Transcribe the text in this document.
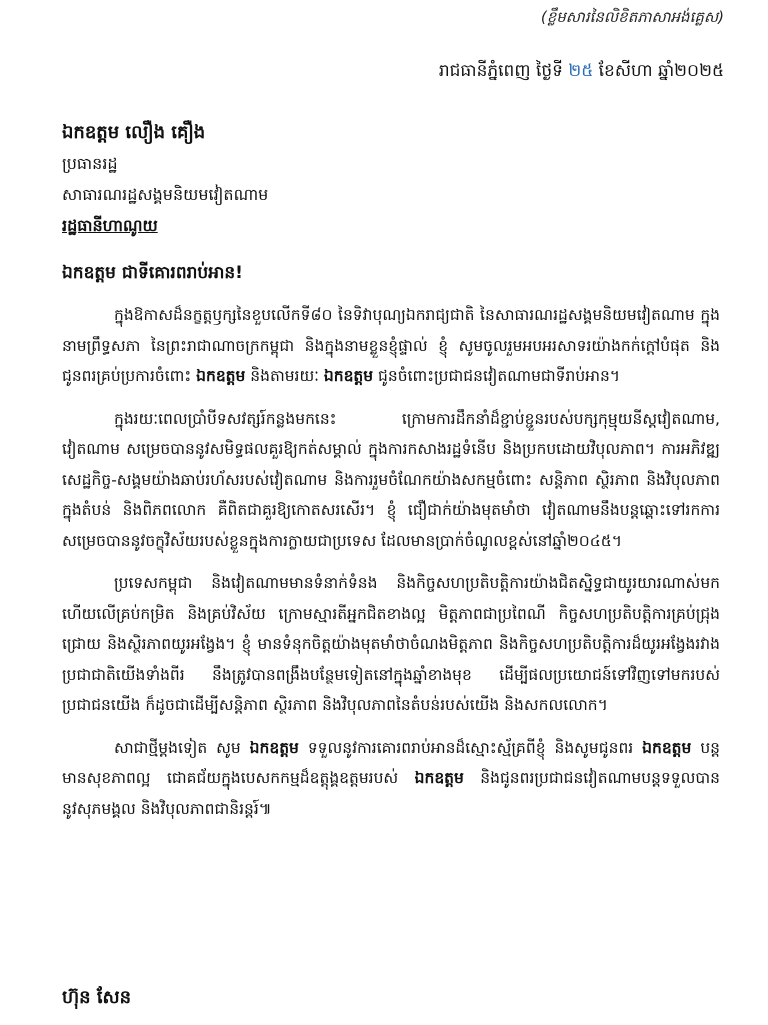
(ខ្លឹមសារនៃលិខិតភាសាអង់គ្លេស)
រាជធានីភ្នំពេញ ថ្ងៃទី ២៥ ខែសីហា ឆ្នាំ២០២៥
ឯកឧត្តម លឿង គឿង
ប្រធានរដ្ឋ
សាធារណរដ្ឋសង្គមនិយមវៀតណាម
រដ្ឋធានីហាណូយ
ឯកឧត្តម ជាទីគោរពរាប់អាន!

ក្នុងឱកាសដ៏នក្ខត្តឫក្សនៃខួបលើកទី៨០ នៃទិវាបុណ្យឯករាជ្យជាតិ នៃសាធារណរដ្ឋសង្គមនិយមវៀតណាម ក្នុងនាមព្រឹទ្ធសភា នៃព្រះរាជាណាចក្រកម្ពុជា និងក្នុងនាមខ្លួនខ្ញុំផ្ទាល់ ខ្ញុំ សូមចូលរួមអបអរសាទរយ៉ាងកក់ក្ដៅបំផុត និងជូនពរគ្រប់ប្រការចំពោះ ឯកឧត្តម និងតាមរយៈ ឯកឧត្តម ជូនចំពោះប្រជាជនវៀតណាមជាទីរាប់អាន។

ក្នុងរយៈពេលប្រាំបីទសវត្សរ៍កន្លងមកនេះ ក្រោមការដឹកនាំដ៏ខ្ជាប់ខ្ជួនរបស់បក្សកុម្មុយនីស្តវៀតណាម, វៀតណាម សម្រេចបាននូវសមិទ្ធផលគួរឱ្យកត់សម្គាល់ ក្នុងការកសាងរដ្ឋទំនើប និងប្រកបដោយវិបុលភាព។ ការអភិវឌ្ឍសេដ្ឋកិច្ច-សង្គមយ៉ាងឆាប់រហ័សរបស់វៀតណាម និងការរួមចំណែកយ៉ាងសកម្មចំពោះ សន្តិភាព ស្ថិរភាព និងវិបុលភាពក្នុងតំបន់ និងពិភពលោក គឺពិតជាគួរឱ្យកោតសរសើរ។ ខ្ញុំ ជឿជាក់យ៉ាងមុតមាំថា វៀតណាមនឹងបន្តឆ្ពោះទៅរកការសម្រេចបាននូវចក្ខុវិស័យរបស់ខ្លួនក្នុងការក្លាយជាប្រទេស ដែលមានប្រាក់ចំណូលខ្ពស់នៅឆ្នាំ២០៤៥។

ប្រទេសកម្ពុជា និងវៀតណាមមានទំនាក់ទំនង និងកិច្ចសហប្រតិបត្តិការយ៉ាងជិតស្និទ្ធជាយូរយារណាស់មកហើយលើគ្រប់កម្រិត និងគ្រប់វិស័យ ក្រោមស្មារតីអ្នកជិតខាងល្អ មិត្តភាពជាប្រពៃណី កិច្ចសហប្រតិបត្តិការគ្រប់ជ្រុងជ្រោយ និងស្ថិរភាពយូរអង្វែង។ ខ្ញុំ មានទំនុកចិត្តយ៉ាងមុតមាំថាចំណងមិត្តភាព និងកិច្ចសហប្រតិបត្តិការដ៏យូរអង្វែងរវាងប្រជាជាតិយើងទាំងពីរ នឹងត្រូវបានពង្រឹងបន្ថែមទៀតនៅក្នុងឆ្នាំខាងមុខ ដើម្បីផលប្រយោជន៍ទៅវិញទៅមករបស់ប្រជាជនយើង ក៏ដូចជាដើម្បីសន្តិភាព ស្ថិរភាព និងវិបុលភាពនៃតំបន់របស់យើង និងសកលលោក។

សាជាថ្មីម្ដងទៀត សូម ឯកឧត្តម ទទួលនូវការគោរពរាប់អានដ៏ស្មោះស្ម័គ្រពីខ្ញុំ និងសូមជូនពរ ឯកឧត្តម បន្តមានសុខភាពល្អ ជោគជ័យក្នុងបេសកកម្មដ៏ឧត្តុង្គឧត្តមរបស់ ឯកឧត្តម និងជូនពរប្រជាជនវៀតណាមបន្តទទួលបាននូវសុភមង្គល និងវិបុលភាពជានិរន្តរ៍៕

ហ៊ុន សែន
